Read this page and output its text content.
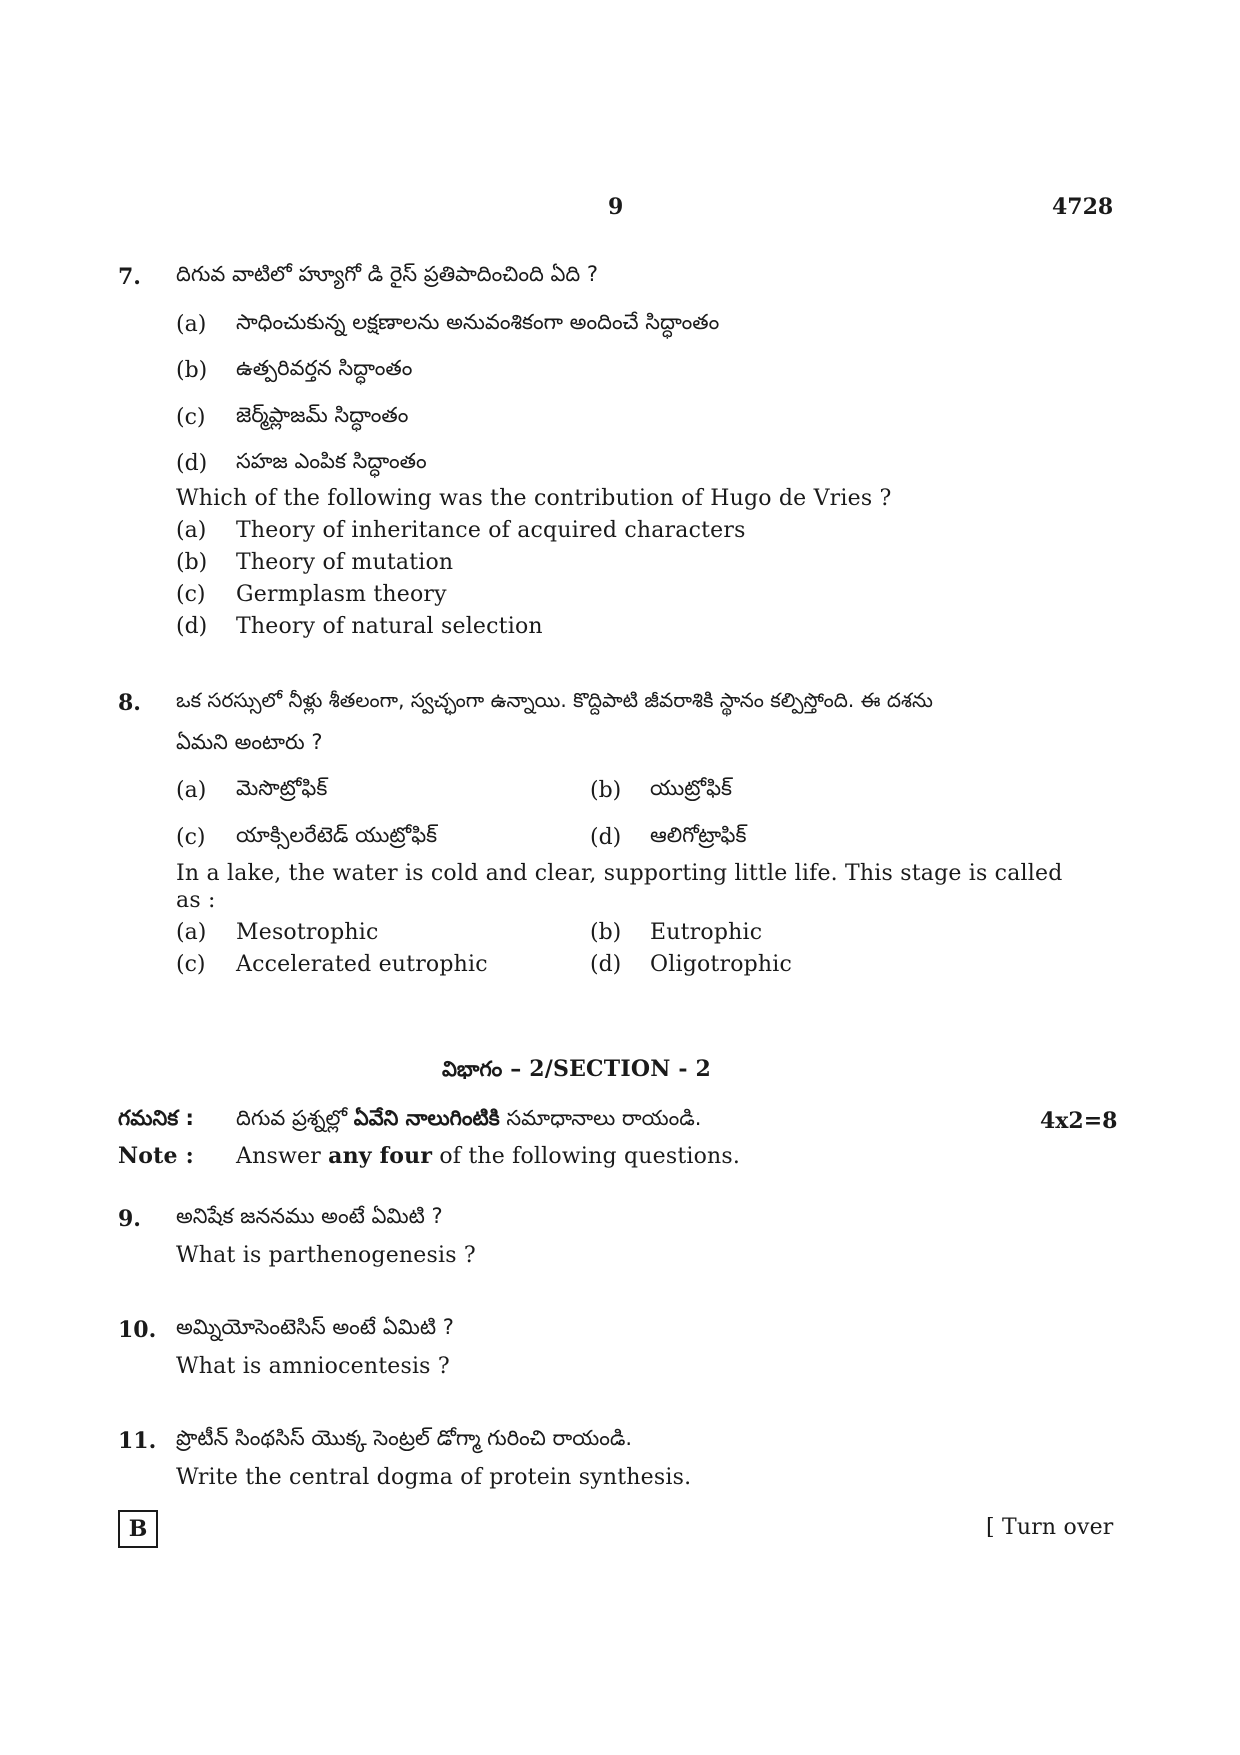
9	4728
7. దిగువ వాటిలో హ్యూగో డి రైస్ ప్రతిపాదించింది ఏది ?
(a) సాధించుకున్న లక్షణాలను అనువంశికంగా అందించే సిద్ధాంతం
(b) ఉత్పరివర్తన సిద్ధాంతం
(c) జెర్మ్‌ప్లాజమ్ సిద్ధాంతం
(d) సహజ ఎంపిక సిద్ధాంతం
Which of the following was the contribution of Hugo de Vries ?
(a) Theory of inheritance of acquired characters
(b) Theory of mutation
(c) Germplasm theory
(d) Theory of natural selection
8. ఒక సరస్సులో నీళ్లు శీతలంగా, స్వచ్ఛంగా ఉన్నాయి. కొద్దిపాటి జీవరాశికి స్థానం కల్పిస్తోంది. ఈ దశను
ఏమని అంటారు ?
(a) మెసొట్రోఫిక్	(b) యుట్రోఫిక్
(c) యాక్సిలరేటెడ్ యుట్రోఫిక్	(d) ఆలిగోట్రాఫిక్
In a lake, the water is cold and clear, supporting little life. This stage is called as :
(a) Mesotrophic	(b) Eutrophic
(c) Accelerated eutrophic	(d) Oligotrophic
విభాగం – 2/SECTION - 2
గమనిక : దిగువ ప్రశ్నల్లో ఏవేని నాలుగింటికి సమాధానాలు రాయండి.	4x2=8
Note : Answer any four of the following questions.
9. అనిషేక జననము అంటే ఏమిటి ?
What is parthenogenesis ?
10. అమ్నియోసెంటెసిస్ అంటే ఏమిటి ?
What is amniocentesis ?
11. ప్రొటీన్ సింథసిస్ యొక్క సెంట్రల్ డోగ్మా గురించి రాయండి.
Write the central dogma of protein synthesis.
B	[ Turn over
